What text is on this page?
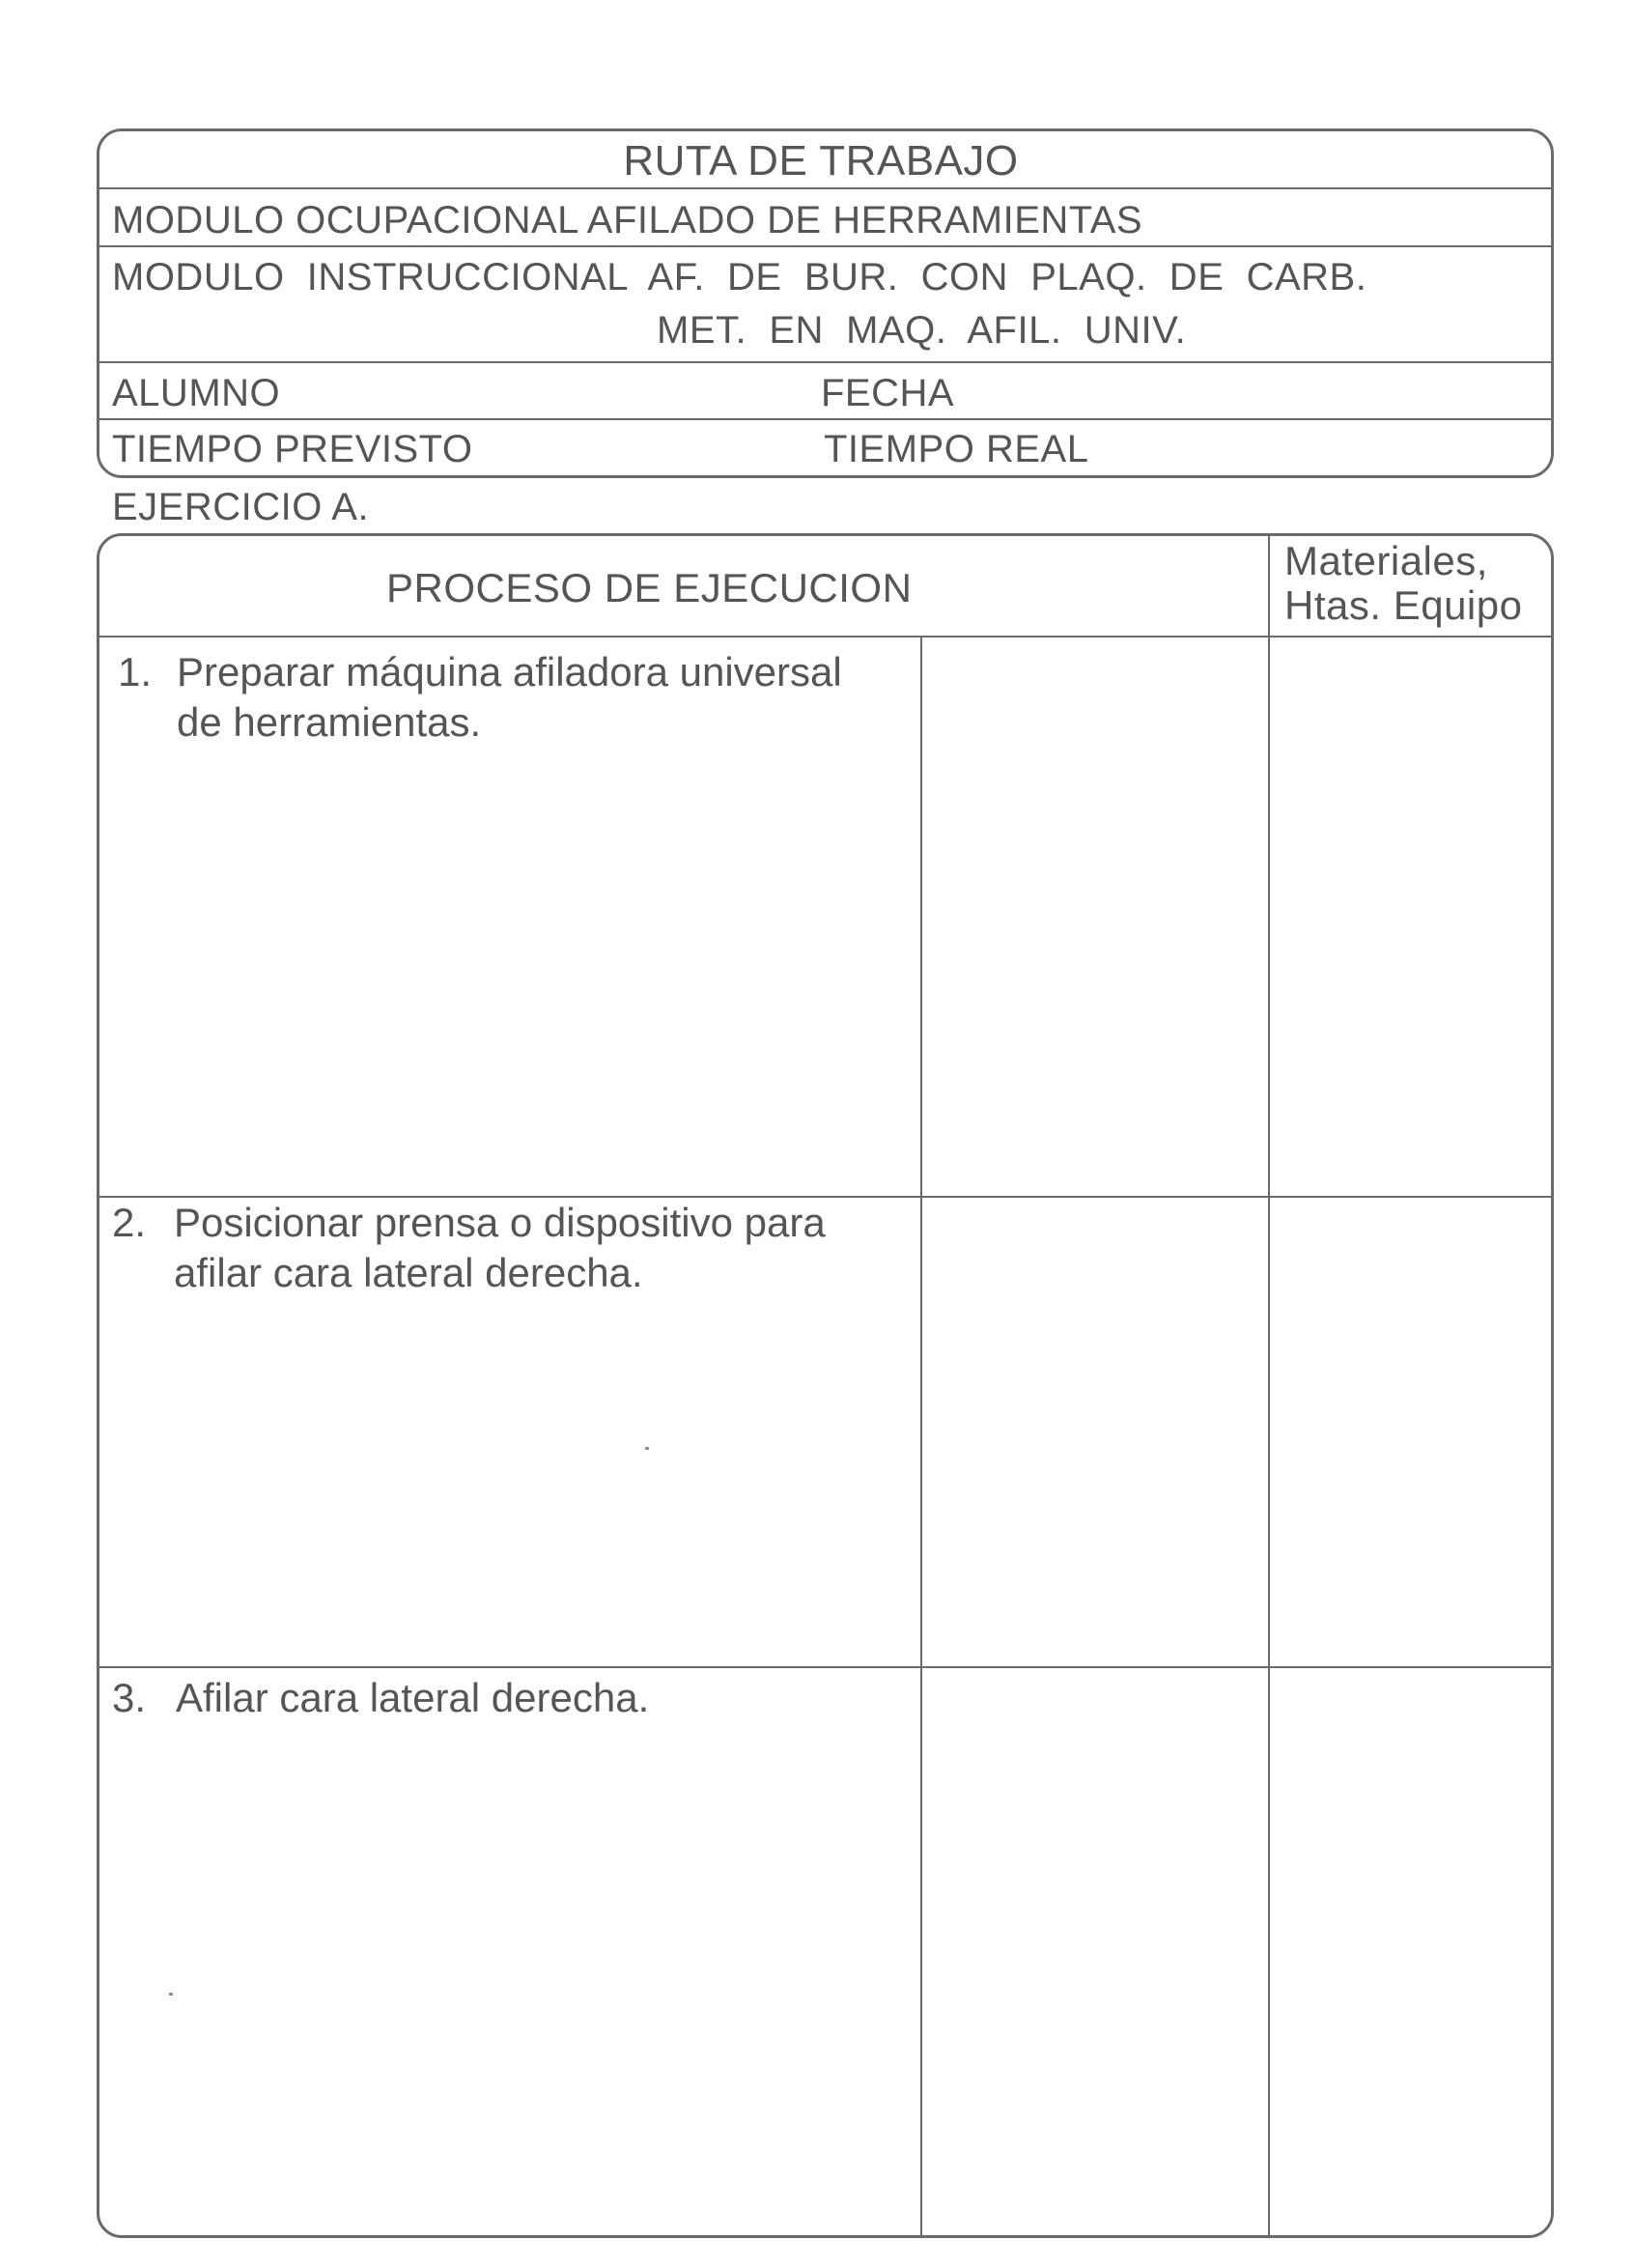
RUTA DE TRABAJO
MODULO OCUPACIONAL AFILADO DE HERRAMIENTAS
MODULO  INSTRUCCIONAL  AF.  DE  BUR.  CON  PLAQ.  DE  CARB.
MET.  EN  MAQ.  AFIL.  UNIV.
ALUMNO	FECHA
TIEMPO PREVISTO	TIEMPO REAL
EJERCICIO A.
PROCESO DE EJECUCION
Materiales,
Htas. Equipo
1. Preparar máquina afiladora universal
de herramientas.
2. Posicionar prensa o dispositivo para
afilar cara lateral derecha.
3. Afilar cara lateral derecha.
